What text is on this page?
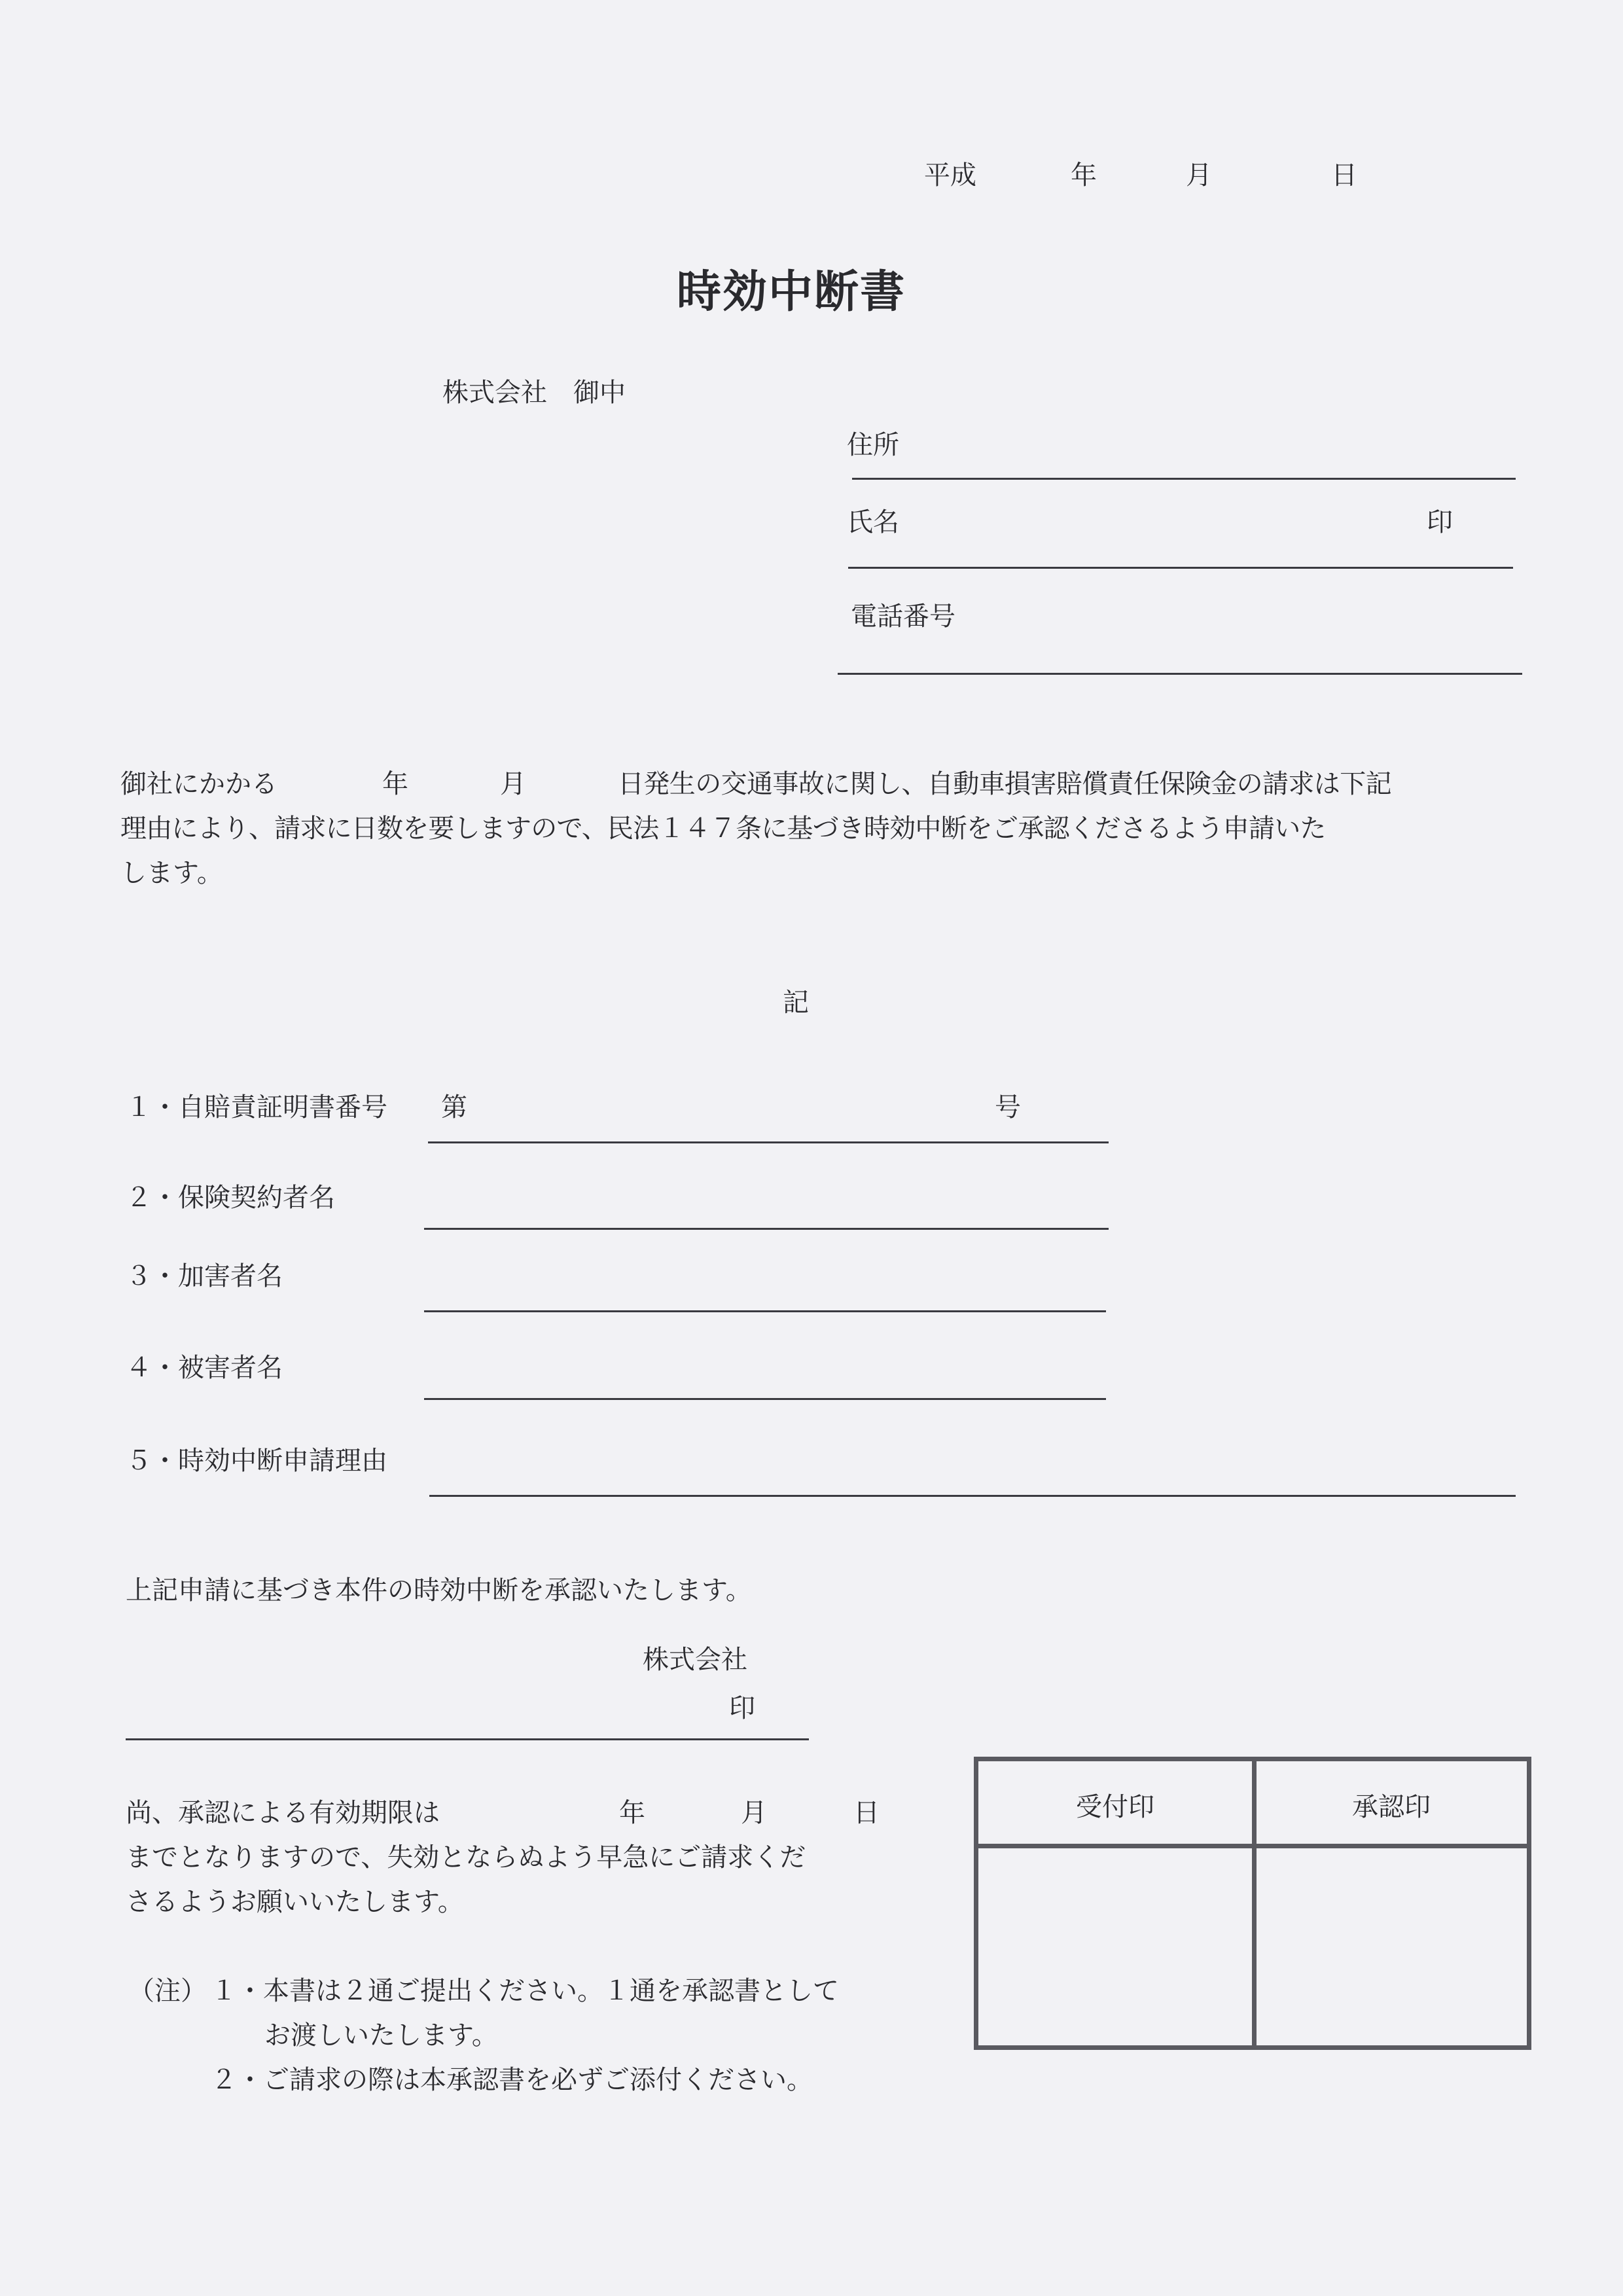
平成	年	月	日
時効中断書
株式会社　御中
住所
氏名	印
電話番号
御社にかかる	年	月	日発生の交通事故に関し、自動車損害賠償責任保険金の請求は下記
理由により、請求に日数を要しますので、民法１４７条に基づき時効中断をご承認くださるよう申請いた
します。
記
１・自賠責証明書番号 第	号
２・保険契約者名
３・加害者名
４・被害者名
５・時効中断申請理由
上記申請に基づき本件の時効中断を承認いたします。
株式会社
印
尚、承認による有効期限は	年	月	日
までとなりますので、失効とならぬよう早急にご請求くだ
さるようお願いいたします。
（注） １・本書は２通ご提出ください。１通を承認書として
お渡しいたします。
２・ご請求の際は本承認書を必ずご添付ください。
受付印	承認印
